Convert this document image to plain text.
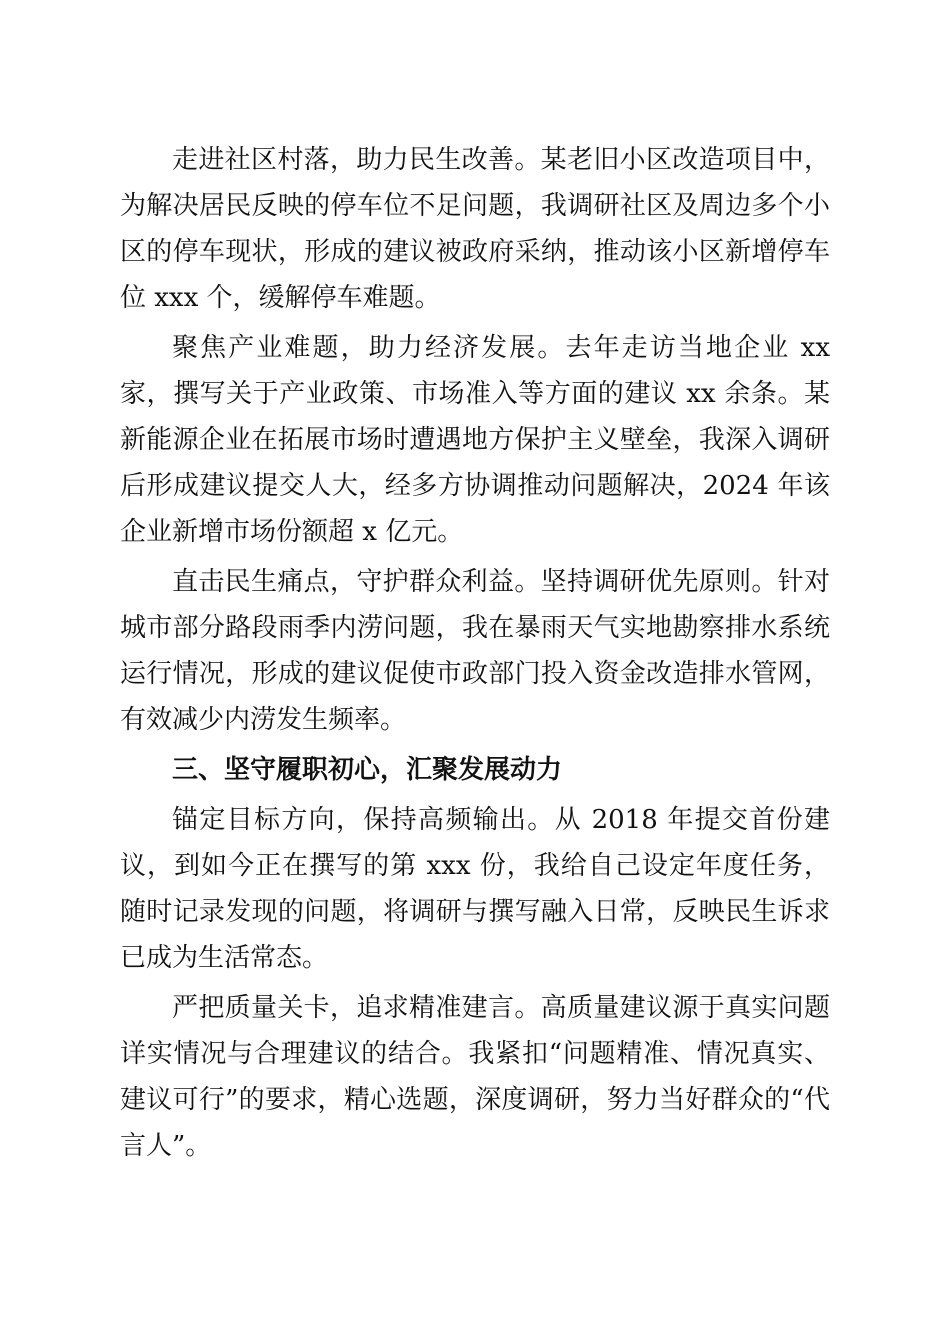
走进社区村落，助力民生改善。某老旧小区改造项目中，为解决居民反映的停车位不足问题，我调研社区及周边多个小区的停车现状，形成的建议被政府采纳，推动该小区新增停车位 xxx 个，缓解停车难题。

聚焦产业难题，助力经济发展。去年走访当地企业 xx 家，撰写关于产业政策、市场准入等方面的建议 xx 余条。某新能源企业在拓展市场时遭遇地方保护主义壁垒，我深入调研后形成建议提交人大，经多方协调推动问题解决，2024 年该企业新增市场份额超 x 亿元。

直击民生痛点，守护群众利益。坚持调研优先原则。针对城市部分路段雨季内涝问题，我在暴雨天气实地勘察排水系统运行情况，形成的建议促使市政部门投入资金改造排水管网，有效减少内涝发生频率。

三、坚守履职初心，汇聚发展动力

锚定目标方向，保持高频输出。从 2018 年提交首份建议，到如今正在撰写的第 xxx 份，我给自己设定年度任务，随时记录发现的问题，将调研与撰写融入日常，反映民生诉求已成为生活常态。

严把质量关卡，追求精准建言。高质量建议源于真实问题详实情况与合理建议的结合。我紧扣“问题精准、情况真实、建议可行”的要求，精心选题，深度调研，努力当好群众的“代言人”。
